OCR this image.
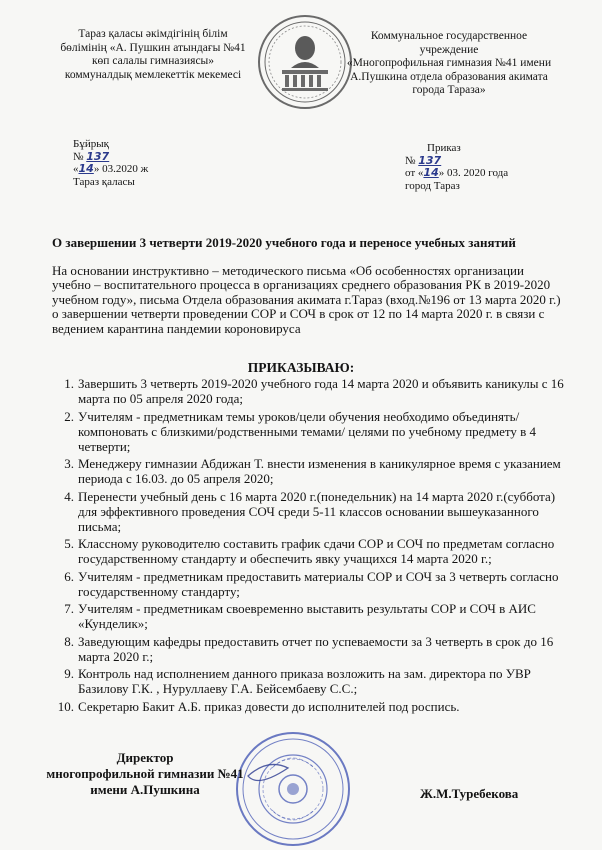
Тараз қаласы әкімдігінің білім
бөлімінің «А. Пушкин атындағы №41
көп салалы гимназиясы»
коммуналдық мемлекеттік мекемесі
Коммунальное государственное
учреждение
«Многопрофильная гимназия №41 имени
А.Пушкина отдела образования акимата
города Тараза»
Бұйрық
№ 137
«14» 03.2020 ж
Тараз қаласы
Приказ
№ 137
от «14» 03. 2020 года
город Тараз
О завершении 3 четверти 2019-2020 учебного года и переносе учебных занятий
На основании инструктивно – методического письма «Об особенностях организации учебно – воспитательного процесса в организациях среднего образования РК в 2019-2020 учебном году», письма Отдела образования акимата г.Тараз (вход.№196 от 13 марта 2020 г.) о завершении четверти проведении СОР и СОЧ в срок от 12 по 14 марта 2020 г. в связи с ведением карантина пандемии короновируса
ПРИКАЗЫВАЮ:
1. Завершить 3 четверть 2019-2020 учебного года 14 марта 2020 и объявить каникулы с 16 марта по 05 апреля 2020 года;
2. Учителям - предметникам темы уроков/цели обучения необходимо объединять/компоновать с близкими/родственными темами/ целями по учебному предмету в 4 четверти;
3. Менеджеру гимназии Абдижан Т. внести изменения в каникулярное время с указанием периода с 16.03. до 05 апреля 2020;
4. Перенести учебный день с 16 марта 2020 г.(понедельник) на 14 марта 2020 г.(суббота) для эффективного проведения СОЧ среди 5-11 классов основании вышеуказанного письма;
5. Классному руководителю составить график сдачи СОР и СОЧ по предметам согласно государственному стандарту и обеспечить явку учащихся 14 марта 2020 г.;
6. Учителям - предметникам предоставить материалы СОР и СОЧ за 3 четверть согласно государственному стандарту;
7. Учителям - предметникам своевременно выставить результаты СОР и СОЧ в АИС «Кунделик»;
8. Заведующим кафедры предоставить отчет по успеваемости за 3 четверть в срок до 16 марта 2020 г.;
9. Контроль над исполнением данного приказа возложить на зам. директора по УВР Базилову Г.К. , Нуруллаеву Г.А. Бейсембаеву С.С.;
10. Секретарю Бакит А.Б. приказ довести до исполнителей под роспись.
Директор
многопрофильной гимназии №41
имени А.Пушкина	Ж.М.Туребекова
